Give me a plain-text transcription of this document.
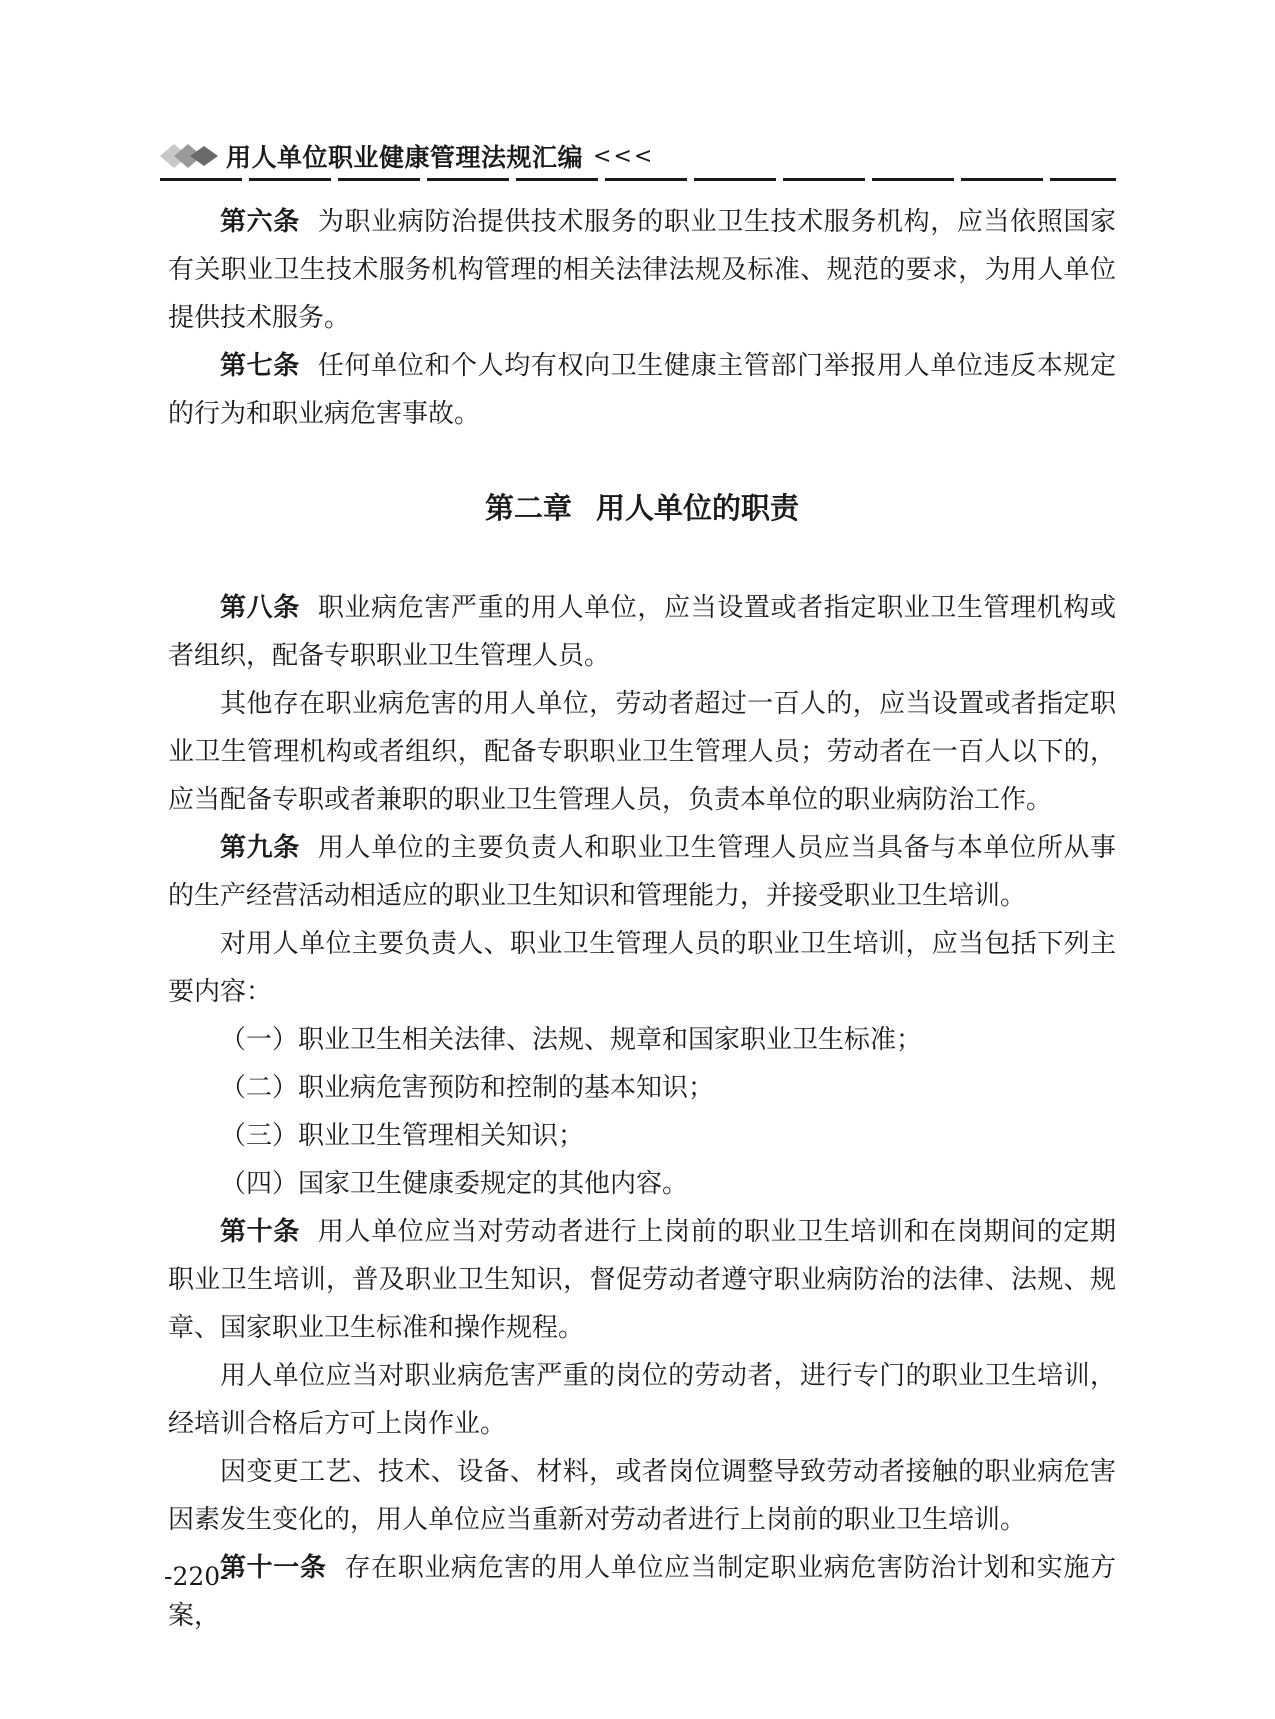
用人单位职业健康管理法规汇编 <<<

第六条 为职业病防治提供技术服务的职业卫生技术服务机构，应当依照国家有关职业卫生技术服务机构管理的相关法律法规及标准、规范的要求，为用人单位提供技术服务。

第七条 任何单位和个人均有权向卫生健康主管部门举报用人单位违反本规定的行为和职业病危害事故。

第二章 用人单位的职责

第八条 职业病危害严重的用人单位，应当设置或者指定职业卫生管理机构或者组织，配备专职职业卫生管理人员。

其他存在职业病危害的用人单位，劳动者超过一百人的，应当设置或者指定职业卫生管理机构或者组织，配备专职职业卫生管理人员；劳动者在一百人以下的，应当配备专职或者兼职的职业卫生管理人员，负责本单位的职业病防治工作。

第九条 用人单位的主要负责人和职业卫生管理人员应当具备与本单位所从事的生产经营活动相适应的职业卫生知识和管理能力，并接受职业卫生培训。

对用人单位主要负责人、职业卫生管理人员的职业卫生培训，应当包括下列主要内容：

（一）职业卫生相关法律、法规、规章和国家职业卫生标准；

（二）职业病危害预防和控制的基本知识；

（三）职业卫生管理相关知识；

（四）国家卫生健康委规定的其他内容。

第十条 用人单位应当对劳动者进行上岗前的职业卫生培训和在岗期间的定期职业卫生培训，普及职业卫生知识，督促劳动者遵守职业病防治的法律、法规、规章、国家职业卫生标准和操作规程。

用人单位应当对职业病危害严重的岗位的劳动者，进行专门的职业卫生培训，经培训合格后方可上岗作业。

因变更工艺、技术、设备、材料，或者岗位调整导致劳动者接触的职业病危害因素发生变化的，用人单位应当重新对劳动者进行上岗前的职业卫生培训。

第十一条 存在职业病危害的用人单位应当制定职业病危害防治计划和实施方案，

-220-
